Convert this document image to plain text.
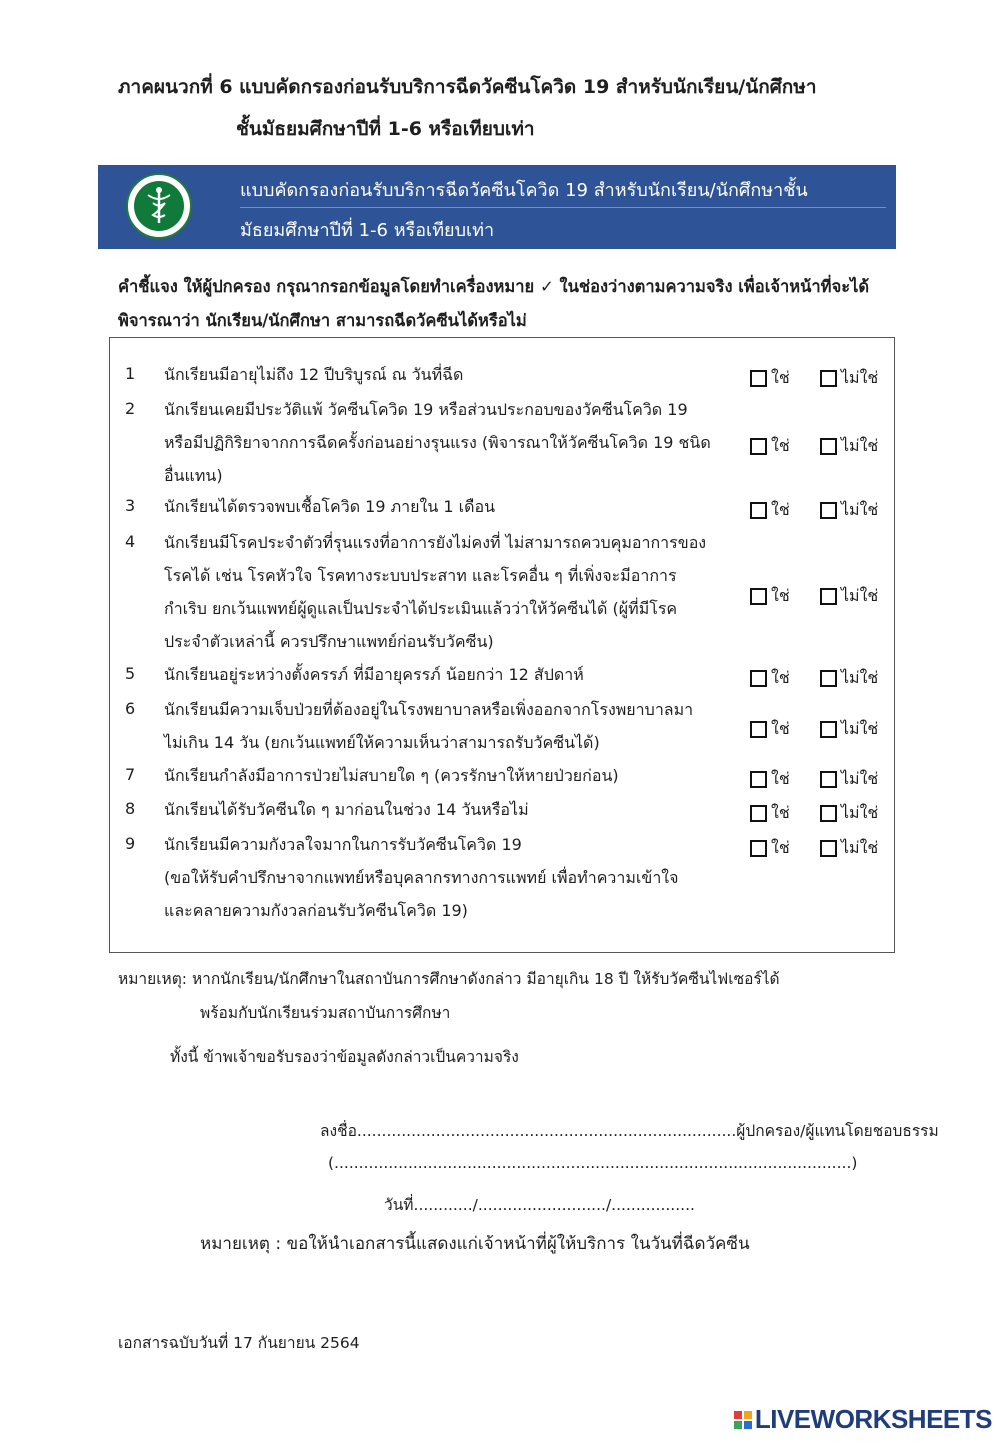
ภาคผนวกที่ 6 แบบคัดกรองก่อนรับบริการฉีดวัคซีนโควิด 19 สำหรับนักเรียน/นักศึกษา
ชั้นมัธยมศึกษาปีที่ 1-6 หรือเทียบเท่า
แบบคัดกรองก่อนรับบริการฉีดวัคซีนโควิด 19 สำหรับนักเรียน/นักศึกษาชั้น
มัธยมศึกษาปีที่ 1-6 หรือเทียบเท่า
คำชี้แจง ให้ผู้ปกครอง กรุณากรอกข้อมูลโดยทำเครื่องหมาย ✓ ในช่องว่างตามความจริง เพื่อเจ้าหน้าที่จะได้
พิจารณาว่า นักเรียน/นักศึกษา สามารถฉีดวัคซีนได้หรือไม่
1 นักเรียนมีอายุไม่ถึง 12 ปีบริบูรณ์ ณ วันที่ฉีด	ใช่	ไม่ใช่
2 นักเรียนเคยมีประวัติแพ้ วัคซีนโควิด 19 หรือส่วนประกอบของวัคซีนโควิด 19
หรือมีปฏิกิริยาจากการฉีดครั้งก่อนอย่างรุนแรง (พิจารณาให้วัคซีนโควิด 19 ชนิด
อื่นแทน)
ใช่	ไม่ใช่
3 นักเรียนได้ตรวจพบเชื้อโควิด 19 ภายใน 1 เดือน	ใช่	ไม่ใช่
4 นักเรียนมีโรคประจำตัวที่รุนแรงที่อาการยังไม่คงที่ ไม่สามารถควบคุมอาการของ
โรคได้ เช่น โรคหัวใจ โรคทางระบบประสาท และโรคอื่น ๆ ที่เพิ่งจะมีอาการ
กำเริบ ยกเว้นแพทย์ผู้ดูแลเป็นประจำได้ประเมินแล้วว่าให้วัคซีนได้ (ผู้ที่มีโรค
ประจำตัวเหล่านี้ ควรปรึกษาแพทย์ก่อนรับวัคซีน)
ใช่	ไม่ใช่
5 นักเรียนอยู่ระหว่างตั้งครรภ์ ที่มีอายุครรภ์ น้อยกว่า 12 สัปดาห์	ใช่	ไม่ใช่
6 นักเรียนมีความเจ็บป่วยที่ต้องอยู่ในโรงพยาบาลหรือเพิ่งออกจากโรงพยาบาลมา
ไม่เกิน 14 วัน (ยกเว้นแพทย์ให้ความเห็นว่าสามารถรับวัคซีนได้)
ใช่	ไม่ใช่
7 นักเรียนกำลังมีอาการป่วยไม่สบายใด ๆ (ควรรักษาให้หายป่วยก่อน)	ใช่	ไม่ใช่
8 นักเรียนได้รับวัคซีนใด ๆ มาก่อนในช่วง 14 วันหรือไม่	ใช่	ไม่ใช่
9 นักเรียนมีความกังวลใจมากในการรับวัคซีนโควิด 19
(ขอให้รับคำปรึกษาจากแพทย์หรือบุคลากรทางการแพทย์ เพื่อทำความเข้าใจ
และคลายความกังวลก่อนรับวัคซีนโควิด 19)
ใช่	ไม่ใช่
หมายเหตุ: หากนักเรียน/นักศึกษาในสถาบันการศึกษาดังกล่าว มีอายุเกิน 18 ปี ให้รับวัคซีนไฟเซอร์ได้
พร้อมกับนักเรียนร่วมสถาบันการศึกษา
ทั้งนี้ ข้าพเจ้าขอรับรองว่าข้อมูลดังกล่าวเป็นความจริง
ลงชื่อ.............................................................................ผู้ปกครอง/ผู้แทนโดยชอบธรรม
(.........................................................................................................)
วันที่............/........................../.................
หมายเหตุ : ขอให้นำเอกสารนี้แสดงแก่เจ้าหน้าที่ผู้ให้บริการ ในวันที่ฉีดวัคซีน
เอกสารฉบับวันที่ 17 กันยายน 2564
LIVEWORKSHEETS
